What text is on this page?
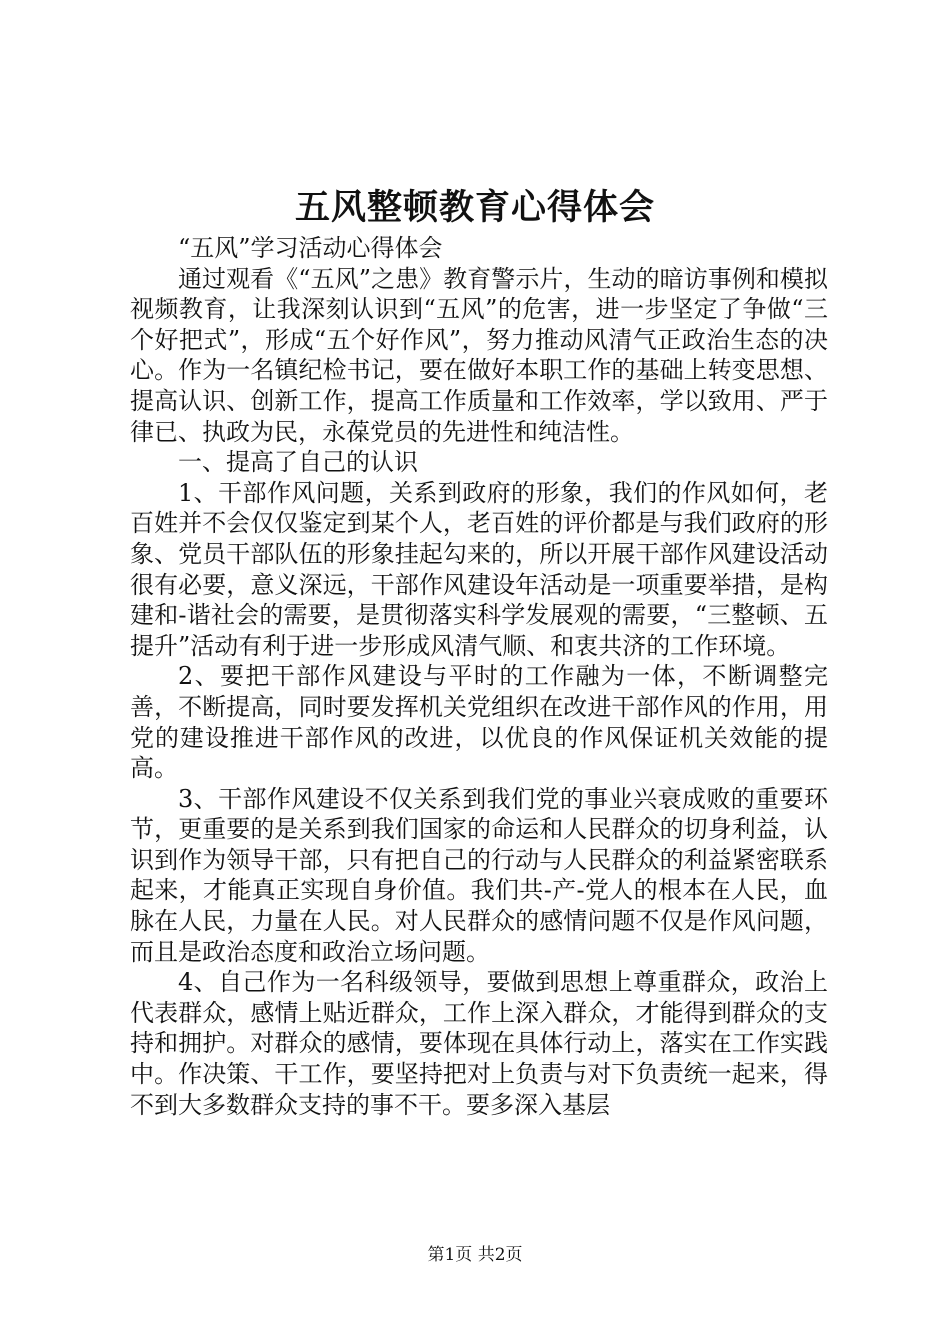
五风整顿教育心得体会

“五风”学习活动心得体会

通过观看《“五风”之患》教育警示片，生动的暗访事例和模拟视频教育，让我深刻认识到“五风”的危害，进一步坚定了争做“三个好把式”，形成“五个好作风”，努力推动风清气正政治生态的决心。作为一名镇纪检书记，要在做好本职工作的基础上转变思想、提高认识、创新工作，提高工作质量和工作效率，学以致用、严于律已、执政为民，永葆党员的先进性和纯洁性。

一、提高了自己的认识

1、干部作风问题，关系到政府的形象，我们的作风如何，老百姓并不会仅仅鉴定到某个人，老百姓的评价都是与我们政府的形象、党员干部队伍的形象挂起勾来的，所以开展干部作风建设活动很有必要，意义深远，干部作风建设年活动是一项重要举措，是构建和-谐社会的需要，是贯彻落实科学发展观的需要，“三整顿、五提升”活动有利于进一步形成风清气顺、和衷共济的工作环境。

2、要把干部作风建设与平时的工作融为一体，不断调整完善，不断提高，同时要发挥机关党组织在改进干部作风的作用，用党的建设推进干部作风的改进，以优良的作风保证机关效能的提高。

3、干部作风建设不仅关系到我们党的事业兴衰成败的重要环节，更重要的是关系到我们国家的命运和人民群众的切身利益，认识到作为领导干部，只有把自己的行动与人民群众的利益紧密联系起来，才能真正实现自身价值。我们共-产-党人的根本在人民，血脉在人民，力量在人民。对人民群众的感情问题不仅是作风问题，而且是政治态度和政治立场问题。

4、自己作为一名科级领导，要做到思想上尊重群众，政治上代表群众，感情上贴近群众，工作上深入群众，才能得到群众的支持和拥护。对群众的感情，要体现在具体行动上，落实在工作实践中。作决策、干工作，要坚持把对上负责与对下负责统一起来，得不到大多数群众支持的事不干。要多深入基层

第1页 共2页
